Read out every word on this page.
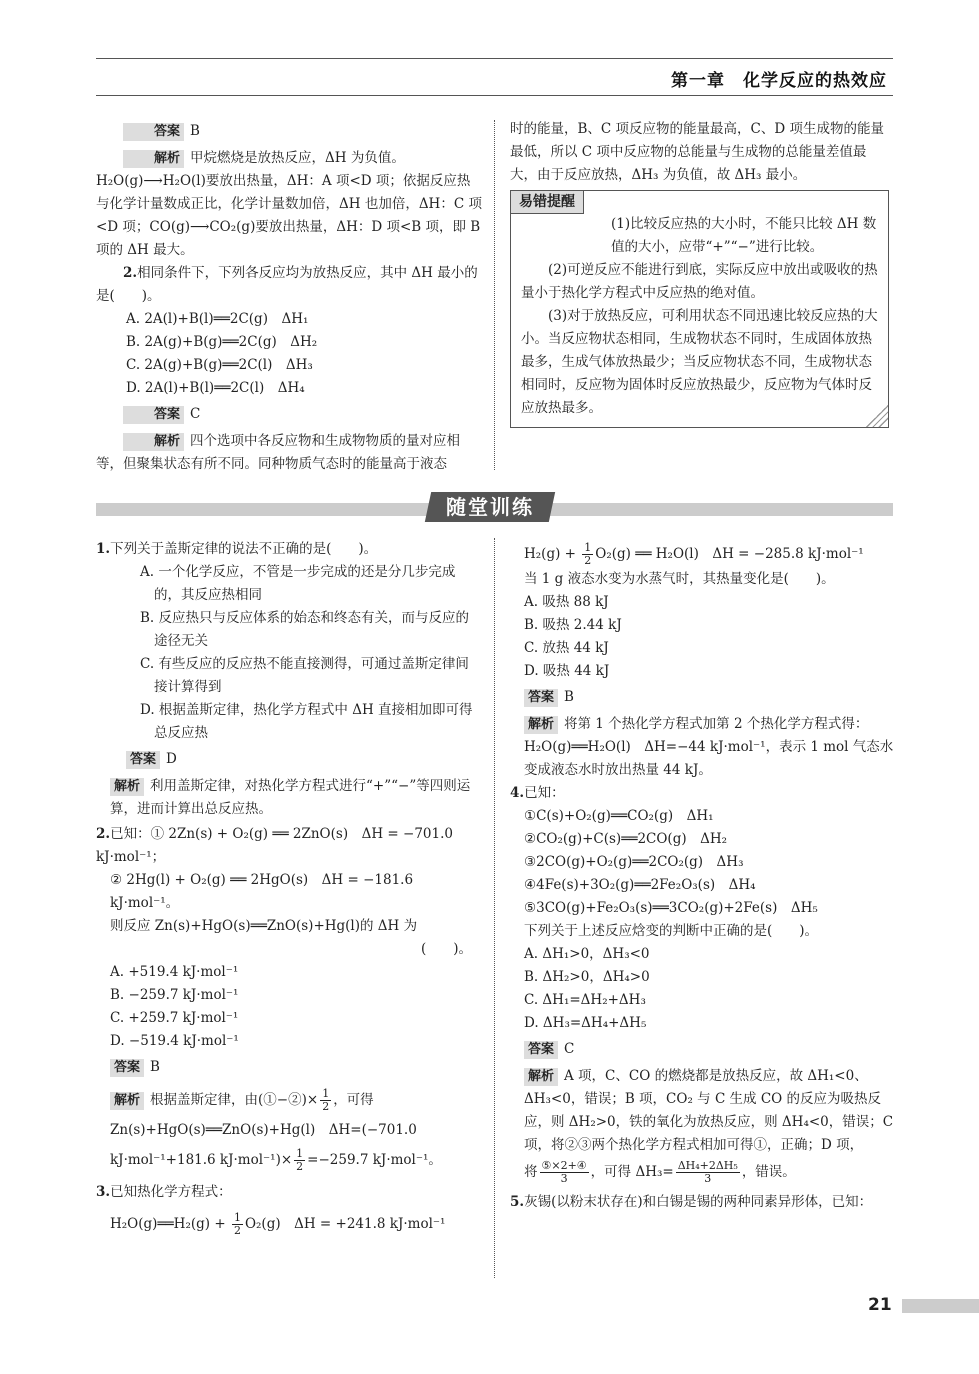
第一章　化学反应的热效应

答案 B

解析 甲烷燃烧是放热反应，ΔH 为负值。H₂O(g)⟶H₂O(l)要放出热量，ΔH：A 项<D 项；依据反应热与化学计量数成正比，化学计量数加倍，ΔH 也加倍，ΔH：C 项<D 项；CO(g)⟶CO₂(g)要放出热量，ΔH：D 项<B 项，即 B 项的 ΔH 最大。

2.相同条件下，下列各反应均为放热反应，其中 ΔH 最小的是(　　)。

A. 2A(l)+B(l)══2C(g)　ΔH₁

B. 2A(g)+B(g)══2C(g)　ΔH₂

C. 2A(g)+B(g)══2C(l)　ΔH₃

D. 2A(l)+B(l)══2C(l)　ΔH₄

答案 C

解析 四个选项中各反应物和生成物物质的量对应相等，但聚集状态有所不同。同种物质气态时的能量高于液态

时的能量，B、C 项反应物的能量最高，C、D 项生成物的能量最低，所以 C 项中反应物的总能量与生成物的总能量差值最大，由于反应放热，ΔH₃ 为负值，故 ΔH₃ 最小。

易错提醒

(1)比较反应热的大小时，不能只比较 ΔH 数值的大小，应带“+”“−”进行比较。

(2)可逆反应不能进行到底，实际反应中放出或吸收的热量小于热化学方程式中反应热的绝对值。

(3)对于放热反应，可利用状态不同迅速比较反应热的大小。当反应物状态相同，生成物状态不同时，生成固体放热最多，生成气体放热最少；当反应物状态不同，生成物状态相同时，反应物为固体时反应放热最少，反应物为气体时反应放热最多。

随堂训练

1.下列关于盖斯定律的说法不正确的是(　　)。

A. 一个化学反应，不管是一步完成的还是分几步完成的，其反应热相同

B. 反应热只与反应体系的始态和终态有关，而与反应的途径无关

C. 有些反应的反应热不能直接测得，可通过盖斯定律间接计算得到

D. 根据盖斯定律，热化学方程式中 ΔH 直接相加即可得总反应热

答案 D

解析 利用盖斯定律，对热化学方程式进行“+”“−”等四则运算，进而计算出总反应热。

2.已知：① 2Zn(s) + O₂(g) ══ 2ZnO(s)　ΔH = −701.0 kJ·mol⁻¹；

② 2Hg(l) + O₂(g) ══ 2HgO(s)　ΔH = −181.6 kJ·mol⁻¹。

则反应 Zn(s)+HgO(s)══ZnO(s)+Hg(l)的 ΔH 为

(　　)。

A. +519.4 kJ·mol⁻¹

B. −259.7 kJ·mol⁻¹

C. +259.7 kJ·mol⁻¹

D. −519.4 kJ·mol⁻¹

答案 B

解析 根据盖斯定律，由(①−②)× $\frac{1}{2}$ ，可得 Zn(s)+HgO(s)══ZnO(s)+Hg(l)　ΔH=(−701.0 kJ·mol⁻¹+181.6 $kJ\cdot mol^{-1})\times \frac{1}{2} =-259.7$ kJ·mol⁻¹。

3.已知热化学方程式：

H₂O(g)══H₂(g) + $\frac{1}{2} O_2(g)$　ΔH = +241.8 kJ·mol⁻¹

$H_2(g) + \frac{1}{2} O_2(g)$ ══ H₂O(l)　ΔH = −285.8 kJ·mol⁻¹

当 1 g 液态水变为水蒸气时，其热量变化是(　　)。

A. 吸热 88 kJ

B. 吸热 2.44 kJ

C. 放热 44 kJ

D. 吸热 44 kJ

答案 B

解析 将第 1 个热化学方程式加第 2 个热化学方程式得：H₂O(g)══H₂O(l)　ΔH=−44 kJ·mol⁻¹，表示 1 mol 气态水变成液态水时放出热量 44 kJ。

4.已知：

①C(s)+O₂(g)══CO₂(g)　ΔH₁

②CO₂(g)+C(s)══2CO(g)　ΔH₂

③2CO(g)+O₂(g)══2CO₂(g)　ΔH₃

④4Fe(s)+3O₂(g)══2Fe₂O₃(s)　ΔH₄

⑤3CO(g)+Fe₂O₃(s)══3CO₂(g)+2Fe(s)　ΔH₅

下列关于上述反应焓变的判断中正确的是(　　)。

A. ΔH₁>0，ΔH₃<0

B. ΔH₂>0，ΔH₄>0

C. ΔH₁=ΔH₂+ΔH₃

D. ΔH₃=ΔH₄+ΔH₅

答案 C

解析 A 项，C、CO 的燃烧都是放热反应，故 ΔH₁<0、ΔH₃<0，错误；B 项，CO₂ 与 C 生成 CO 的反应为吸热反应，则 ΔH₂>0，铁的氧化为放热反应，则 ΔH₄<0，错误；C 项，将②③两个热化学方程式相加可得①，正确；D 项，

将 $\frac{\text{⑤×2+④}}{3}$ ，可得 $\Delta H_3= \frac{\text{ΔH₄+2ΔH₅}}{3}$ ，错误。

5.灰锡(以粉末状存在)和白锡是锡的两种同素异形体，已知：

21
